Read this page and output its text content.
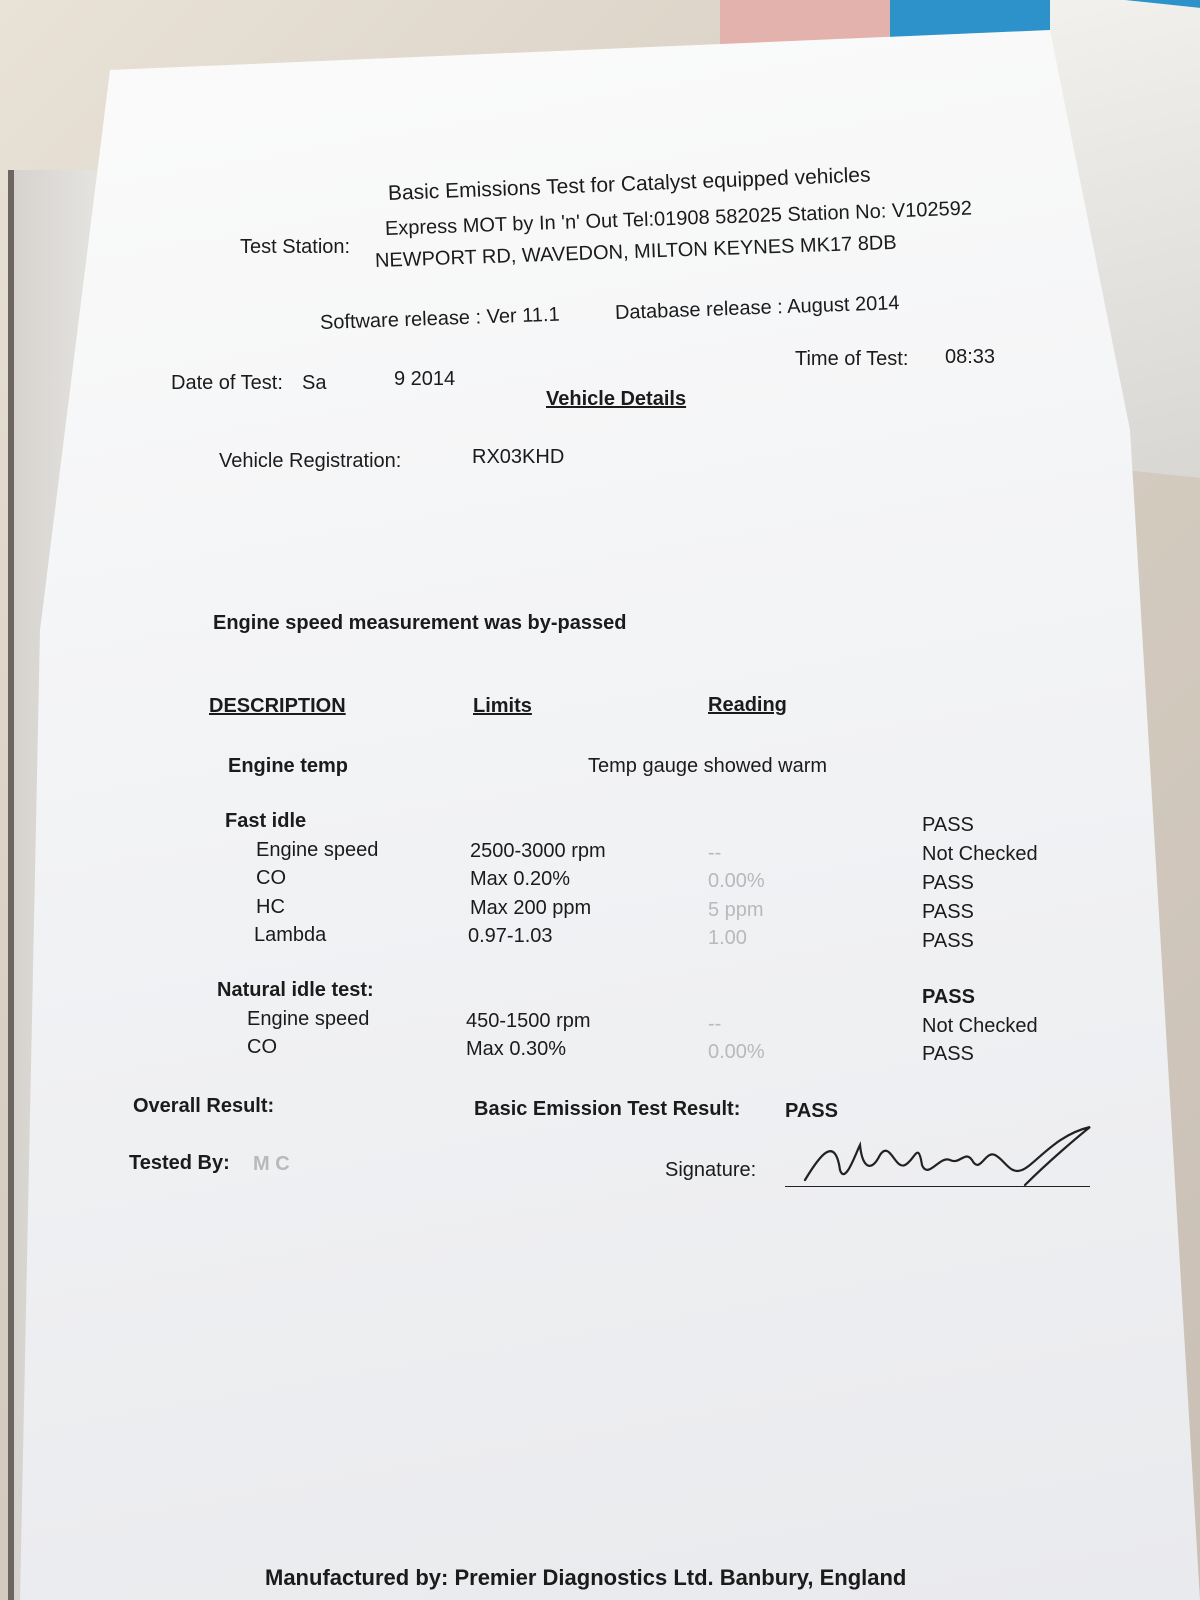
Basic Emissions Test for Catalyst equipped vehicles
Test Station:
Express MOT by In 'n' Out Tel:01908 582025 Station No: V102592
NEWPORT RD, WAVEDON, MILTON KEYNES MK17 8DB
Software release : Ver 11.1	Database release : August 2014
Date of Test: Sa	9 2014
Time of Test: 08:33
Vehicle Details
Vehicle Registration:	RX03KHD
Engine speed measurement was by-passed
DESCRIPTION	Limits	Reading
Engine temp	Temp gauge showed warm
Fast idle	PASS
Engine speed	2500-3000 rpm	--	Not Checked
CO	Max 0.20%	0.00%	PASS
HC	Max 200 ppm	5 ppm	PASS
Lambda	0.97-1.03	1.00	PASS
Natural idle test:	PASS
Engine speed	450-1500 rpm	--	Not Checked
CO	Max 0.30%	0.00%	PASS
Overall Result:	Basic Emission Test Result: PASS
Tested By: M C	Signature:	MSchl
Manufactured by: Premier Diagnostics Ltd. Banbury, England
